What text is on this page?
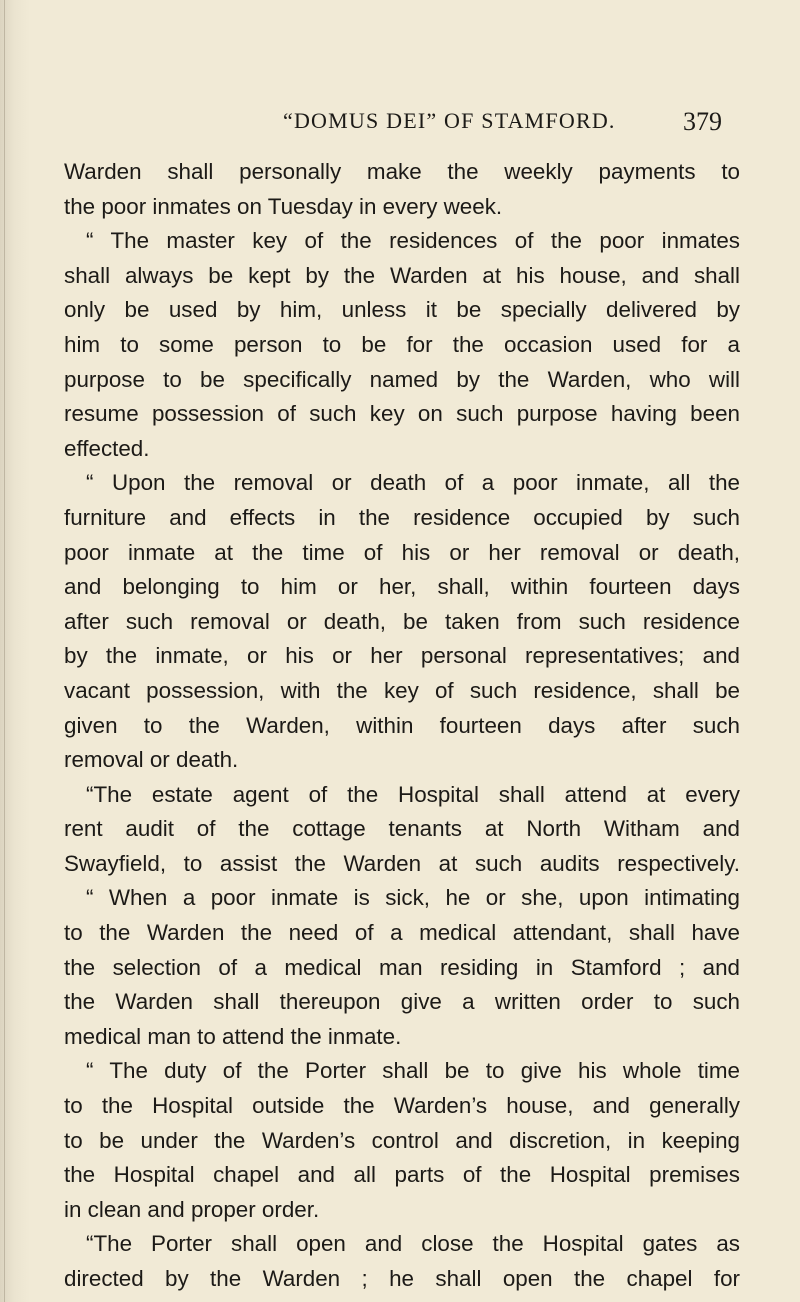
“DOMUS DEI” OF STAMFORD.	379
Warden shall personally make the weekly payments to
the poor inmates on Tuesday in every week.
“ The master key of the residences of the poor inmates
shall always be kept by the Warden at his house, and shall
only be used by him, unless it be specially delivered by
him to some person to be for the occasion used for a
purpose to be specifically named by the Warden, who will
resume possession of such key on such purpose having been
effected.
“ Upon the removal or death of a poor inmate, all the
furniture and effects in the residence occupied by such
poor inmate at the time of his or her removal or death,
and belonging to him or her, shall, within fourteen days
after such removal or death, be taken from such residence
by the inmate, or his or her personal representatives; and
vacant possession, with the key of such residence, shall be
given to the Warden, within fourteen days after such
removal or death.
“The estate agent of the Hospital shall attend at every
rent audit of the cottage tenants at North Witham and
Swayfield, to assist the Warden at such audits respectively.
“ When a poor inmate is sick, he or she, upon intimating
to the Warden the need of a medical attendant, shall have
the selection of a medical man residing in Stamford ; and
the Warden shall thereupon give a written order to such
medical man to attend the inmate.
“ The duty of the Porter shall be to give his whole time
to the Hospital outside the Warden’s house, and generally
to be under the Warden’s control and discretion, in keeping
the Hospital chapel and all parts of the Hospital premises
in clean and proper order.
“The Porter shall open and close the Hospital gates as
directed by the Warden ; he shall open the chapel for
